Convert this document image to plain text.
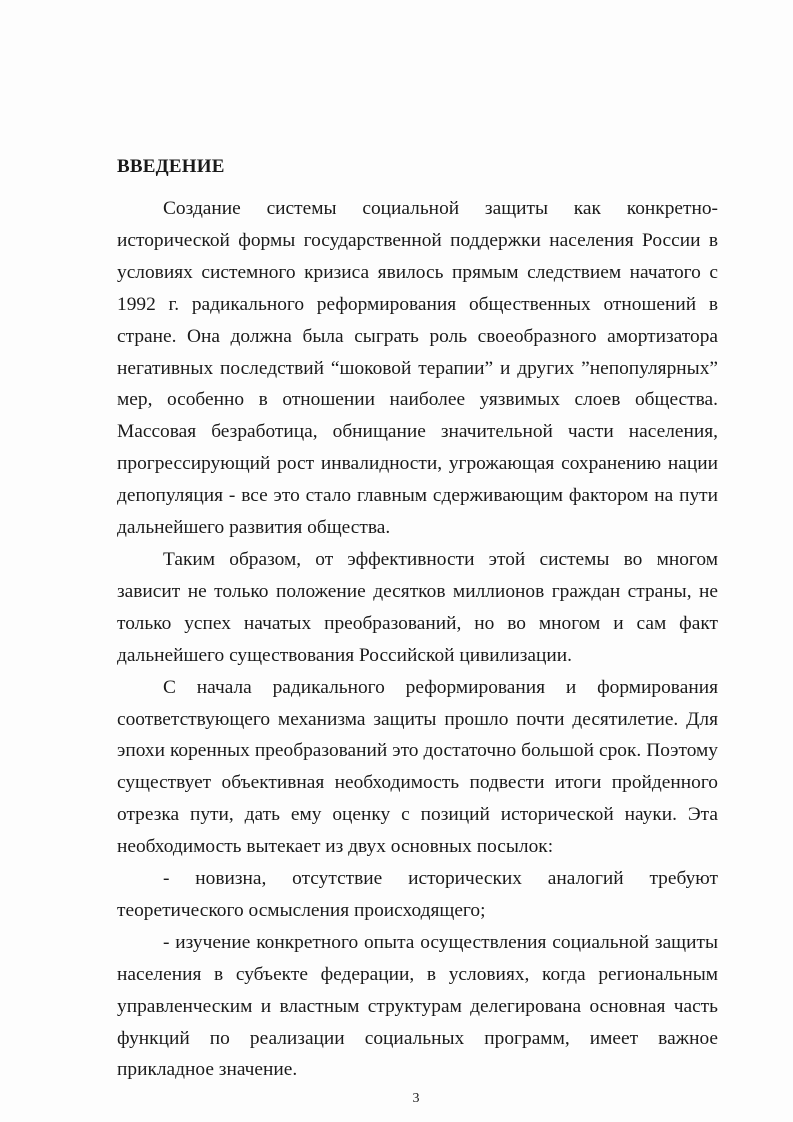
ВВЕДЕНИЕ

Создание системы социальной защиты как конкретно-исторической формы государственной поддержки населения России в условиях системного кризиса явилось прямым следствием начатого с 1992 г. радикального реформирования общественных отношений в стране. Она должна была сыграть роль своеобразного амортизатора негативных последствий “шоковой терапии” и других ”непопулярных” мер, особенно в отношении наиболее уязвимых слоев общества. Массовая безработица, обнищание значительной части населения, прогрессирующий рост инвалидности, угрожающая сохранению нации депопуляция - все это стало главным сдерживающим фактором на пути дальнейшего развития общества.

Таким образом, от эффективности этой системы во многом зависит не только положение десятков миллионов граждан страны, не только успех начатых преобразований, но во многом и сам факт дальнейшего существования Российской цивилизации.

С начала радикального реформирования и формирования соответствующего механизма защиты прошло почти десятилетие. Для эпохи коренных преобразований это достаточно большой срок. Поэтому существует объективная необходимость подвести итоги пройденного отрезка пути, дать ему оценку с позиций исторической науки. Эта необходимость вытекает из двух основных посылок:

- новизна, отсутствие исторических аналогий требуют теоретического осмысления происходящего;

- изучение конкретного опыта осуществления социальной защиты населения в субъекте федерации, в условиях, когда региональным управленческим и властным структурам делегирована основная часть функций по реализации социальных программ, имеет важное прикладное значение.

3
